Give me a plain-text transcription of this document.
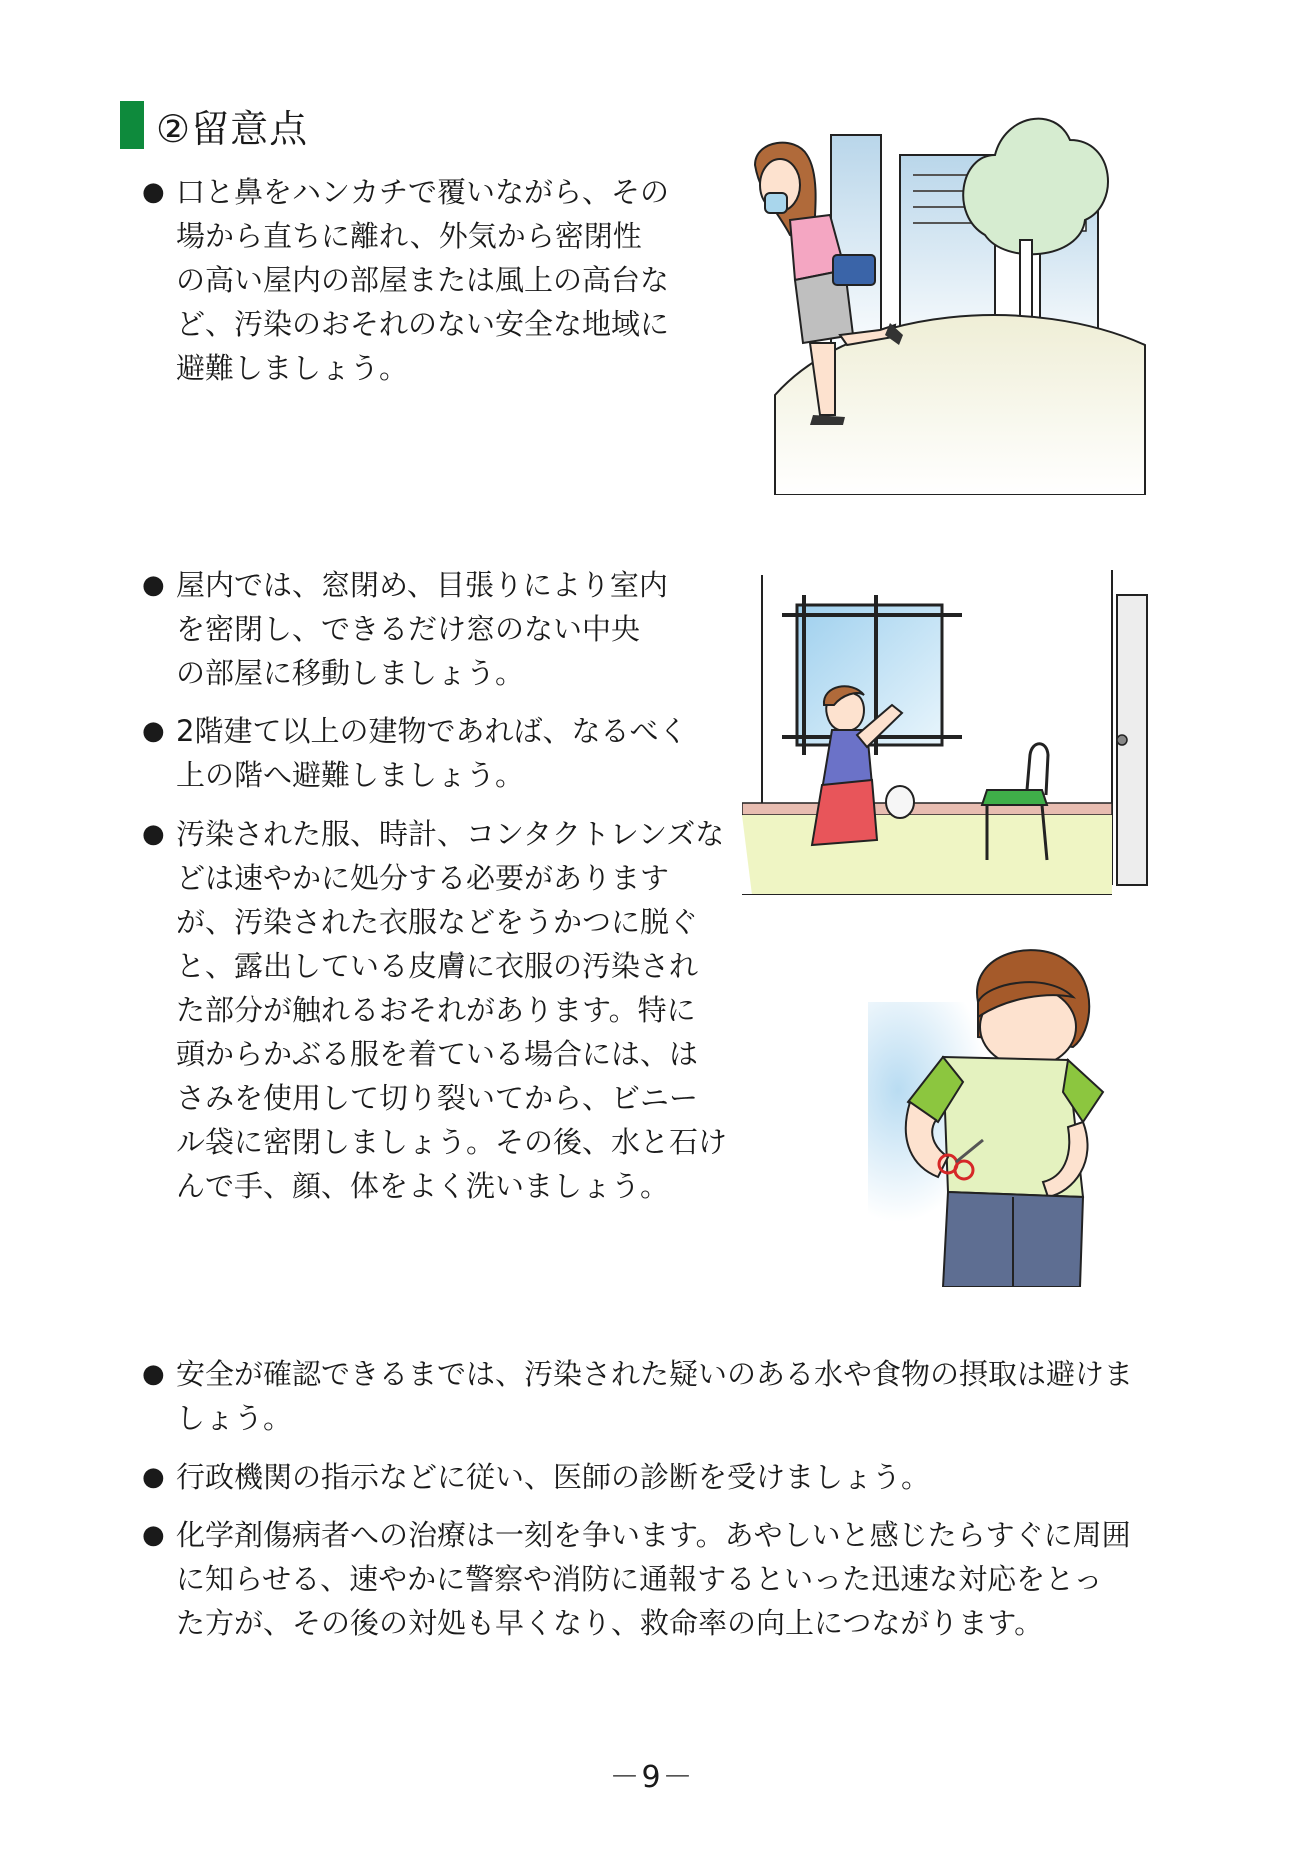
②留意点
● 口と鼻をハンカチで覆いながら、その
場から直ちに離れ、外気から密閉性
の高い屋内の部屋または風上の高台な
ど、汚染のおそれのない安全な地域に
避難しましょう。
● 屋内では、窓閉め、目張りにより室内
を密閉し、できるだけ窓のない中央
の部屋に移動しましょう。
● 2階建て以上の建物であれば、なるべく
上の階へ避難しましょう。
● 汚染された服、時計、コンタクトレンズな
どは速やかに処分する必要があります
が、汚染された衣服などをうかつに脱ぐ
と、露出している皮膚に衣服の汚染され
た部分が触れるおそれがあります。特に
頭からかぶる服を着ている場合には、は
さみを使用して切り裂いてから、ビニー
ル袋に密閉しましょう。その後、水と石け
んで手、顔、体をよく洗いましょう。
● 安全が確認できるまでは、汚染された疑いのある水や食物の摂取は避けま
しょう。
● 行政機関の指示などに従い、医師の診断を受けましょう。
● 化学剤傷病者への治療は一刻を争います。あやしいと感じたらすぐに周囲
に知らせる、速やかに警察や消防に通報するといった迅速な対応をとっ
た方が、その後の対処も早くなり、救命率の向上につながります。
－9－
